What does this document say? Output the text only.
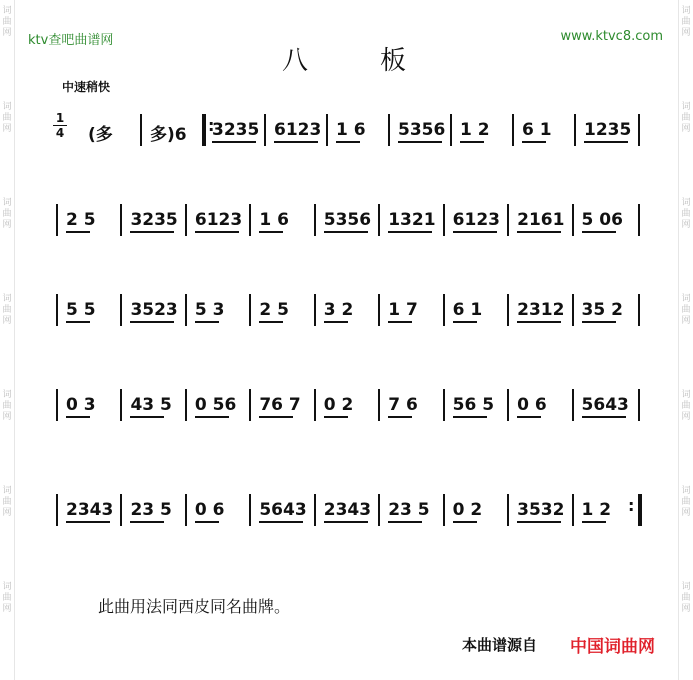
词
曲
网
词
曲
网
词
曲
网
词
曲
网
词
曲
网
词
曲
网
词
曲
网
词
曲
网
词
曲
网
词
曲
网
词
曲
网
词
曲
网
词
曲
网
词
曲
网
ktv查吧曲谱网	www.ktvc8.com
八板
中速稍快
1
4 (多 多)6 3235 6123 1 6 5356 1 2 6 1 1235
:
2 5 3235 6123 1 6 5356 1321 6123 2161 5 06
5 5 3523 5 3 2 5 3 2 1 7 6 1 2312 35 2
0 3 43 5 0 56 76 7 0 2 7 6 56 5 0 6 5643
2343 23 5 0 6 5643 2343 23 5 0 2 3532 1 2 :
此曲用法同西皮同名曲牌。
本曲谱源自 中国词曲网
